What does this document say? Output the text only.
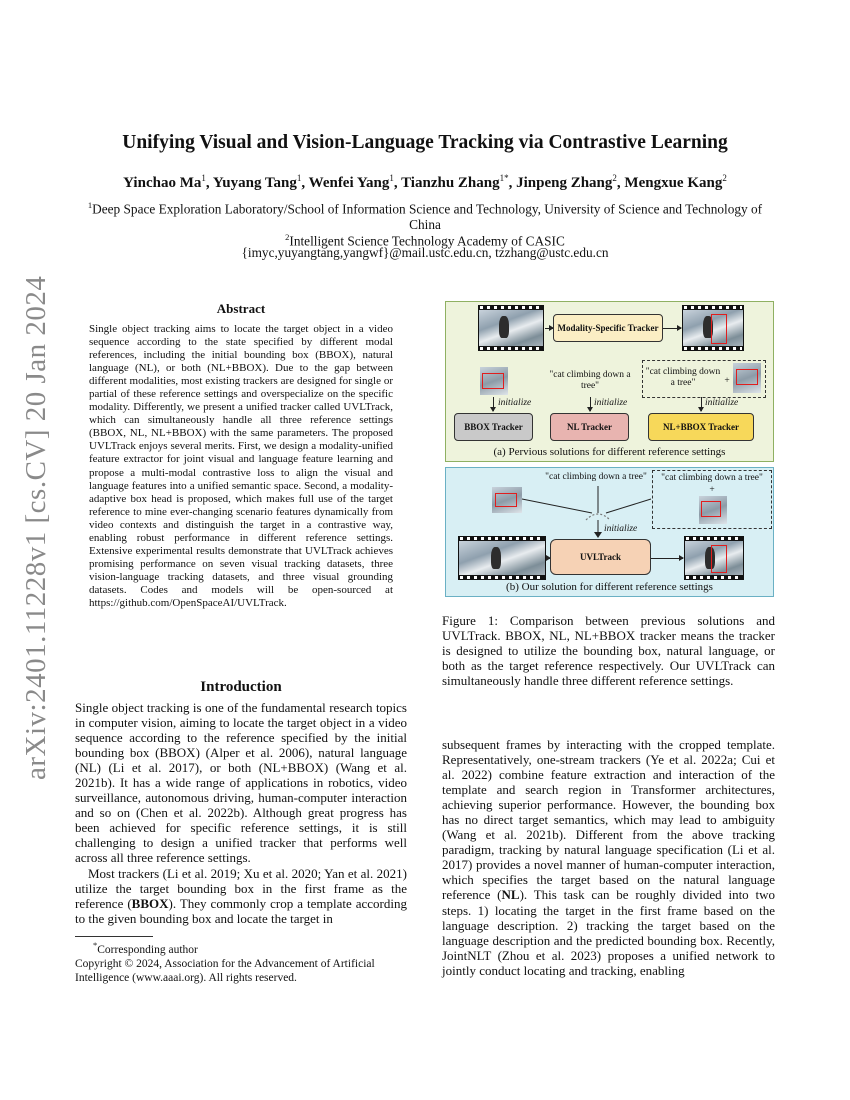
arXiv:2401.11228v1 [cs.CV] 20 Jan 2024
Unifying Visual and Vision-Language Tracking via Contrastive Learning
Yinchao Ma$^1$, Yuyang Tang$^1$, Wenfei Yang$^1$, Tianzhu Zhang$^{1*}$, Jinpeng Zhang$^2$, Mengxue Kang$^2$
$^1$Deep Space Exploration Laboratory/School of Information Science and Technology, University of Science and Technology of China
$^2$Intelligent Science Technology Academy of CASIC
{imyc,yuyangtang,yangwf}@mail.ustc.edu.cn, tzzhang@ustc.edu.cn
Abstract
Single object tracking aims to locate the target object in a video sequence according to the state specified by different modal references, including the initial bounding box (BBOX), natural language (NL), or both (NL+BBOX). Due to the gap between different modalities, most existing trackers are designed for single or partial of these reference settings and overspecialize on the specific modality. Differently, we present a unified tracker called UVLTrack, which can simultaneously handle all three reference settings (BBOX, NL, NL+BBOX) with the same parameters. The proposed UVLTrack enjoys several merits. First, we design a modality-unified feature extractor for joint visual and language feature learning and propose a multi-modal contrastive loss to align the visual and language features into a unified semantic space. Second, a modality-adaptive box head is proposed, which makes full use of the target reference to mine ever-changing scenario features dynamically from video contexts and distinguish the target in a contrastive way, enabling robust performance in different reference settings. Extensive experimental results demonstrate that UVLTrack achieves promising performance on seven visual tracking datasets, three vision-language tracking datasets, and three visual grounding datasets. Codes and models will be open-sourced at https://github.com/OpenSpaceAI/UVLTrack.
Introduction

Single object tracking is one of the fundamental research topics in computer vision, aiming to locate the target object in a video sequence according to the reference specified by the initial bounding box (BBOX) (Alper et al. 2006), natural language (NL) (Li et al. 2017), or both (NL+BBOX) (Wang et al. 2021b). It has a wide range of applications in robotics, video surveillance, autonomous driving, human-computer interaction and so on (Chen et al. 2022b). Although great progress has been achieved for specific reference settings, it is still challenging to design a unified tracker that performs well across all three reference settings.

Most trackers (Li et al. 2019; Xu et al. 2020; Yan et al. 2021) utilize the target bounding box in the first frame as the reference (BBOX). They commonly crop a template according to the given bounding box and locate the target in

*Corresponding author
Copyright © 2024, Association for the Advancement of Artificial Intelligence (www.aaai.org). All rights reserved.

subsequent frames by interacting with the cropped template. Representatively, one-stream trackers (Ye et al. 2022a; Cui et al. 2022) combine feature extraction and interaction of the template and search region in Transformer architectures, achieving superior performance. However, the bounding box has no direct target semantics, which may lead to ambiguity (Wang et al. 2021b). Different from the above tracking paradigm, tracking by natural language specification (Li et al. 2017) provides a novel manner of human-computer interaction, which specifies the target based on the natural language reference (NL). This task can be roughly divided into two steps. 1) locating the target in the first frame based on the language description. 2) tracking the target based on the language description and the predicted bounding box. Recently, JointNLT (Zhou et al. 2023) proposes a unified network to jointly conduct locating and tracking, enabling

Modality-Specific Tracker
"cat climbing down a tree"
"cat climbing down a tree"	+
initialize	initialize	initialize
BBOX Tracker	NL Tracker	NL+BBOX Tracker
(a) Pervious solutions for different reference settings
"cat climbing down a tree"	"cat climbing down a tree"
+
initialize
UVLTrack
(b) Our solution for different reference settings
Figure 1: Comparison between previous solutions and UVLTrack. BBOX, NL, NL+BBOX tracker means the tracker is designed to utilize the bounding box, natural language, or both as the target reference respectively. Our UVLTrack can simultaneously handle three different reference settings.
